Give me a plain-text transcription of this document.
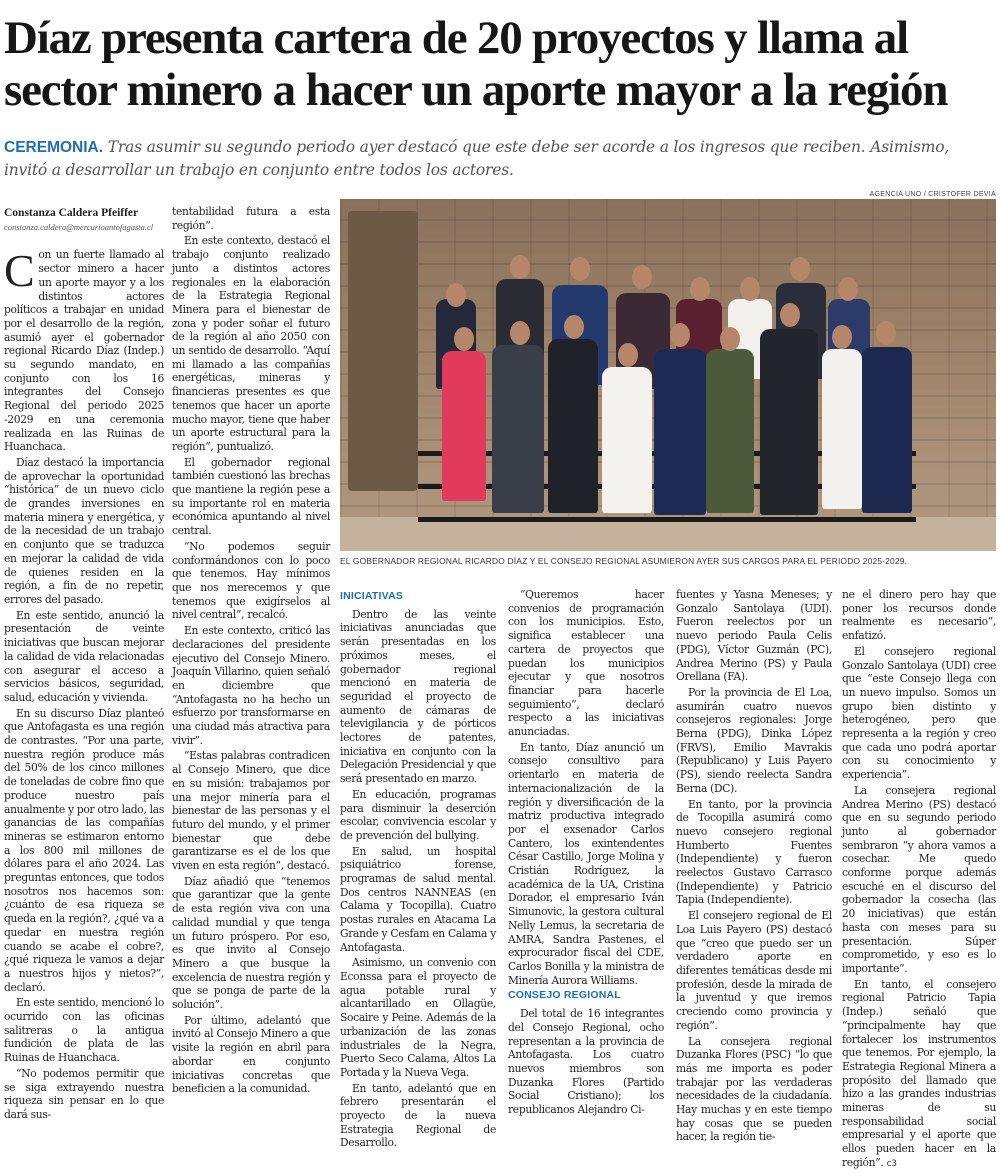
Díaz presenta cartera de 20 proyectos y llama al sector minero a hacer un aporte mayor a la región

CEREMONIA. Tras asumir su segundo periodo ayer destacó que este debe ser acorde a los ingresos que reciben. Asimismo, invitó a desarrollar un trabajo en conjunto entre todos los actores.

AGENCIA UNO / CRISTOFER DEVIA
EL GOBERNADOR REGIONAL RICARDO DÍAZ Y EL CONSEJO REGIONAL ASUMIERON AYER SUS CARGOS PARA EL PERIODO 2025-2029.
Constanza Caldera Pfeiffer
constanza.caldera@mercurioantofagasta.cl

Con un fuerte llamado al sector minero a hacer un aporte mayor y a los distintos actores políticos a trabajar en unidad por el desarrollo de la región, asumió ayer el gobernador regional Ricardo Díaz (Indep.) su segundo mandato, en conjunto con los 16 integrantes del Consejo Regional del periodo 2025 -2029 en una ceremonia realizada en las Ruinas de Huanchaca.

Díaz destacó la importancia de aprovechar la oportunidad “histórica” de un nuevo ciclo de grandes inversiones en materia minera y energética, y de la necesidad de un trabajo en conjunto que se traduzca en mejorar la calidad de vida de quienes residen en la región, a fin de no repetir, errores del pasado.

En este sentido, anunció la presentación de veinte iniciativas que buscan mejorar la calidad de vida relacionadas con asegurar el acceso a servicios básicos, seguridad, salud, educación y vivienda.

En su discurso Díaz planteó que Antofagasta es una región de contrastes. “Por una parte, nuestra región produce más del 50% de los cinco millones de toneladas de cobre fino que produce nuestro país anualmente y por otro lado, las ganancias de las compañías mineras se estimaron entorno a los 800 mil millones de dólares para el año 2024. Las preguntas entonces, que todos nosotros nos hacemos son: ¿cuánto de esa riqueza se queda en la región?, ¿qué va a quedar en nuestra región cuando se acabe el cobre?, ¿qué riqueza le vamos a dejar a nuestros hijos y nietos?”, declaró.

En este sentido, mencionó lo ocurrido con las oficinas salitreras o la antigua fundición de plata de las Ruinas de Huanchaca.

“No podemos permitir que se siga extrayendo nuestra riqueza sin pensar en lo que dará sus-

tentabilidad futura a esta región”.

En este contexto, destacó el trabajo conjunto realizado junto a distintos actores regionales en la elaboración de la Estrategia Regional Minera para el bienestar de zona y poder soñar el futuro de la región al año 2050 con un sentido de desarrollo. “Aquí mi llamado a las compañías energéticas, mineras y financieras presentes es que tenemos que hacer un aporte mucho mayor, tiene que haber un aporte estructural para la región”, puntualizó.

El gobernador regional también cuestionó las brechas que mantiene la región pese a su importante rol en materia económica apuntando al nivel central.

“No podemos seguir conformándonos con lo poco que tenemos. Hay mínimos que nos merecemos y que tenemos que exigírselos al nivel central”, recalcó.

En este contexto, criticó las declaraciones del presidente ejecutivo del Consejo Minero. Joaquín Villarino, quien señaló en diciembre que “Antofagasta no ha hecho un esfuerzo por transformarse en una ciudad más atractiva para vivir”.

“Estas palabras contradicen al Consejo Minero, que dice en su misión: trabajamos por una mejor minería para el bienestar de las personas y el futuro del mundo, y el primer bienestar que debe garantizarse es el de los que viven en esta región”, destacó.

Díaz añadió que “tenemos que garantizar que la gente de esta región viva con una calidad mundial y que tenga un futuro próspero. Por eso, es que invito al Consejo Minero a que busque la excelencia de nuestra región y que se ponga de parte de la solución”.

Por último, adelantó que invitó al Consejo Minero a que visite la región en abril para abordar en conjunto iniciativas concretas que beneficien a la comunidad.

INICIATIVAS

Dentro de las veinte iniciativas anunciadas que serán presentadas en los próximos meses, el gobernador regional mencionó en materia de seguridad el proyecto de aumento de cámaras de televigilancia y de pórticos lectores de patentes, iniciativa en conjunto con la Delegación Presidencial y que será presentado en marzo.

En educación, programas para disminuir la deserción escolar, convivencia escolar y de prevención del bullying.

En salud, un hospital psiquiátrico forense, programas de salud mental. Dos centros NANNEAS (en Calama y Tocopilla). Cuatro postas rurales en Atacama La Grande y Cesfam en Calama y Antofagasta.

Asimismo, un convenio con Econssa para el proyecto de agua potable rural y alcantarillado en Ollagüe, Socaire y Peine. Además de la urbanización de las zonas industriales de la Negra, Puerto Seco Calama, Altos La Portada y la Nueva Vega.

En tanto, adelantó que en febrero presentarán el proyecto de la nueva Estrategia Regional de Desarrollo.

“Queremos hacer convenios de programación con los municipios. Esto, significa establecer una cartera de proyectos que puedan los municipios ejecutar y que nosotros financiar para hacerle seguimiento”, declaró respecto a las iniciativas anunciadas.

En tanto, Díaz anunció un consejo consultivo para orientarlo en materia de internacionalización de la región y diversificación de la matriz productiva integrado por el exsenador Carlos Cantero, los exintendentes César Castillo, Jorge Molina y Cristián Rodríguez, la académica de la UA, Cristina Dorador, el empresario Iván Simunovic, la gestora cultural Nelly Lemus, la secretaria de AMRA, Sandra Pastenes, el exprocurador fiscal del CDE, Carlos Bonilla y la ministra de Minería Aurora Williams.

CONSEJO REGIONAL

Del total de 16 integrantes del Consejo Regional, ocho representan a la provincia de Antofagasta. Los cuatro nuevos miembros son Duzanka Flores (Partido Social Cristiano); los republicanos Alejandro Ci-

fuentes y Yasna Meneses; y Gonzalo Santolaya (UDI). Fueron reelectos por un nuevo periodo Paula Celis (PDG), Víctor Guzmán (PC), Andrea Merino (PS) y Paula Orellana (FA).

Por la provincia de El Loa, asumirán cuatro nuevos consejeros regionales: Jorge Berna (PDG), Dinka López (FRVS), Emilio Mavrakis (Republicano) y Luis Payero (PS), siendo reelecta Sandra Berna (DC).

En tanto, por la provincia de Tocopilla asumirá como nuevo consejero regional Humberto Fuentes (Independiente) y fueron reelectos Gustavo Carrasco (Independiente) y Patricio Tapia (Independiente).

El consejero regional de El Loa Luis Payero (PS) destacó que “creo que puedo ser un verdadero aporte en diferentes temáticas desde mi profesión, desde la mirada de la juventud y que iremos creciendo como provincia y región”.

La consejera regional Duzanka Flores (PSC) “lo que más me importa es poder trabajar por las verdaderas necesidades de la ciudadanía. Hay muchas y en este tiempo hay cosas que se pueden hacer, la región tie-

ne el dinero pero hay que poner los recursos donde realmente es necesario”, enfatizó.

El consejero regional Gonzalo Santolaya (UDI) cree que “este Consejo llega con un nuevo impulso. Somos un grupo bien distinto y heterogéneo, pero que representa a la región y creo que cada uno podrá aportar con su conocimiento y experiencia”.

La consejera regional Andrea Merino (PS) destacó que en su segundo periodo junto al gobernador sembraron “y ahora vamos a cosechar. Me quedo conforme porque además escuché en el discurso del gobernador la cosecha (las 20 iniciativas) que están hasta con meses para su presentación. Súper comprometido, y eso es lo importante”.

En tanto, el consejero regional Patricio Tapia (Indep.) señaló que “principalmente hay que fortalecer los instrumentos que tenemos. Por ejemplo, la Estrategia Regional Minera a propósito del llamado que hizo a las grandes industrias mineras de su responsabilidad social empresarial y el aporte que ellos pueden hacer en la región”. c3
